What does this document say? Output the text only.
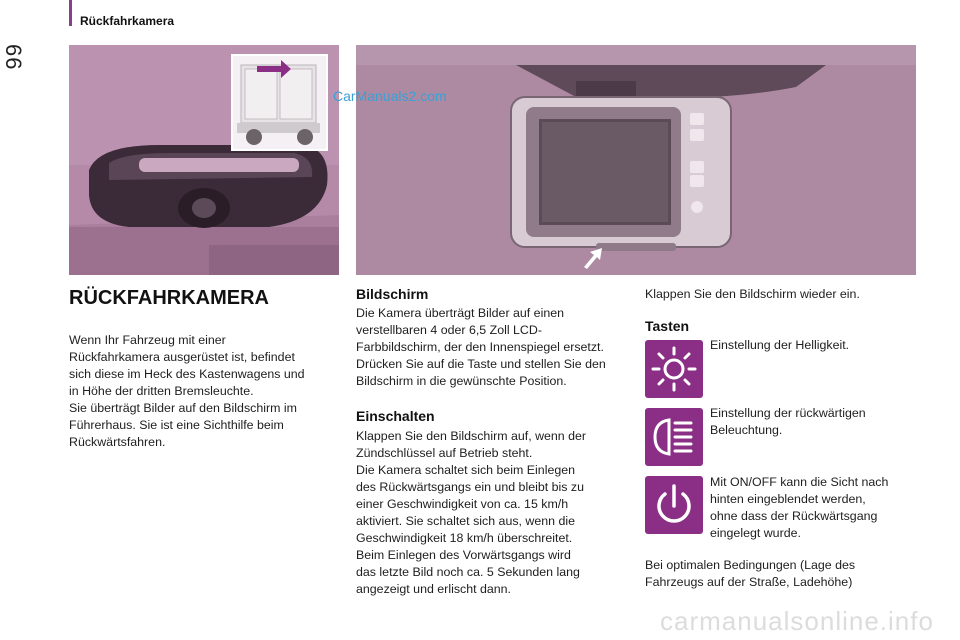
66
Rückfahrkamera
CarManuals2.com
RÜCKFAHRKAMERA
Wenn Ihr Fahrzeug mit einer
Rückfahrkamera ausgerüstet ist, befindet
sich diese im Heck des Kastenwagens und
in Höhe der dritten Bremsleuchte.
Sie überträgt Bilder auf den Bildschirm im
Führerhaus. Sie ist eine Sichthilfe beim
Rückwärtsfahren.
Bildschirm
Die Kamera überträgt Bilder auf einen
verstellbaren 4 oder 6,5 Zoll LCD-
Farbbildschirm, der den Innenspiegel ersetzt.
Drücken Sie auf die Taste und stellen Sie den
Bildschirm in die gewünschte Position.
Einschalten
Klappen Sie den Bildschirm auf, wenn der
Zündschlüssel auf Betrieb steht.
Die Kamera schaltet sich beim Einlegen
des Rückwärtsgangs ein und bleibt bis zu
einer Geschwindigkeit von ca. 15 km/h
aktiviert. Sie schaltet sich aus, wenn die
Geschwindigkeit 18 km/h überschreitet.
Beim Einlegen des Vorwärtsgangs wird
das letzte Bild noch ca. 5 Sekunden lang
angezeigt und erlischt dann.
Klappen Sie den Bildschirm wieder ein.
Tasten
Einstellung der Helligkeit.
Einstellung der rückwärtigen
Beleuchtung.
Mit ON/OFF kann die Sicht nach
hinten eingeblendet werden,
ohne dass der Rückwärtsgang
eingelegt wurde.
Bei optimalen Bedingungen (Lage des
Fahrzeugs auf der Straße, Ladehöhe)
carmanualsonline.info
